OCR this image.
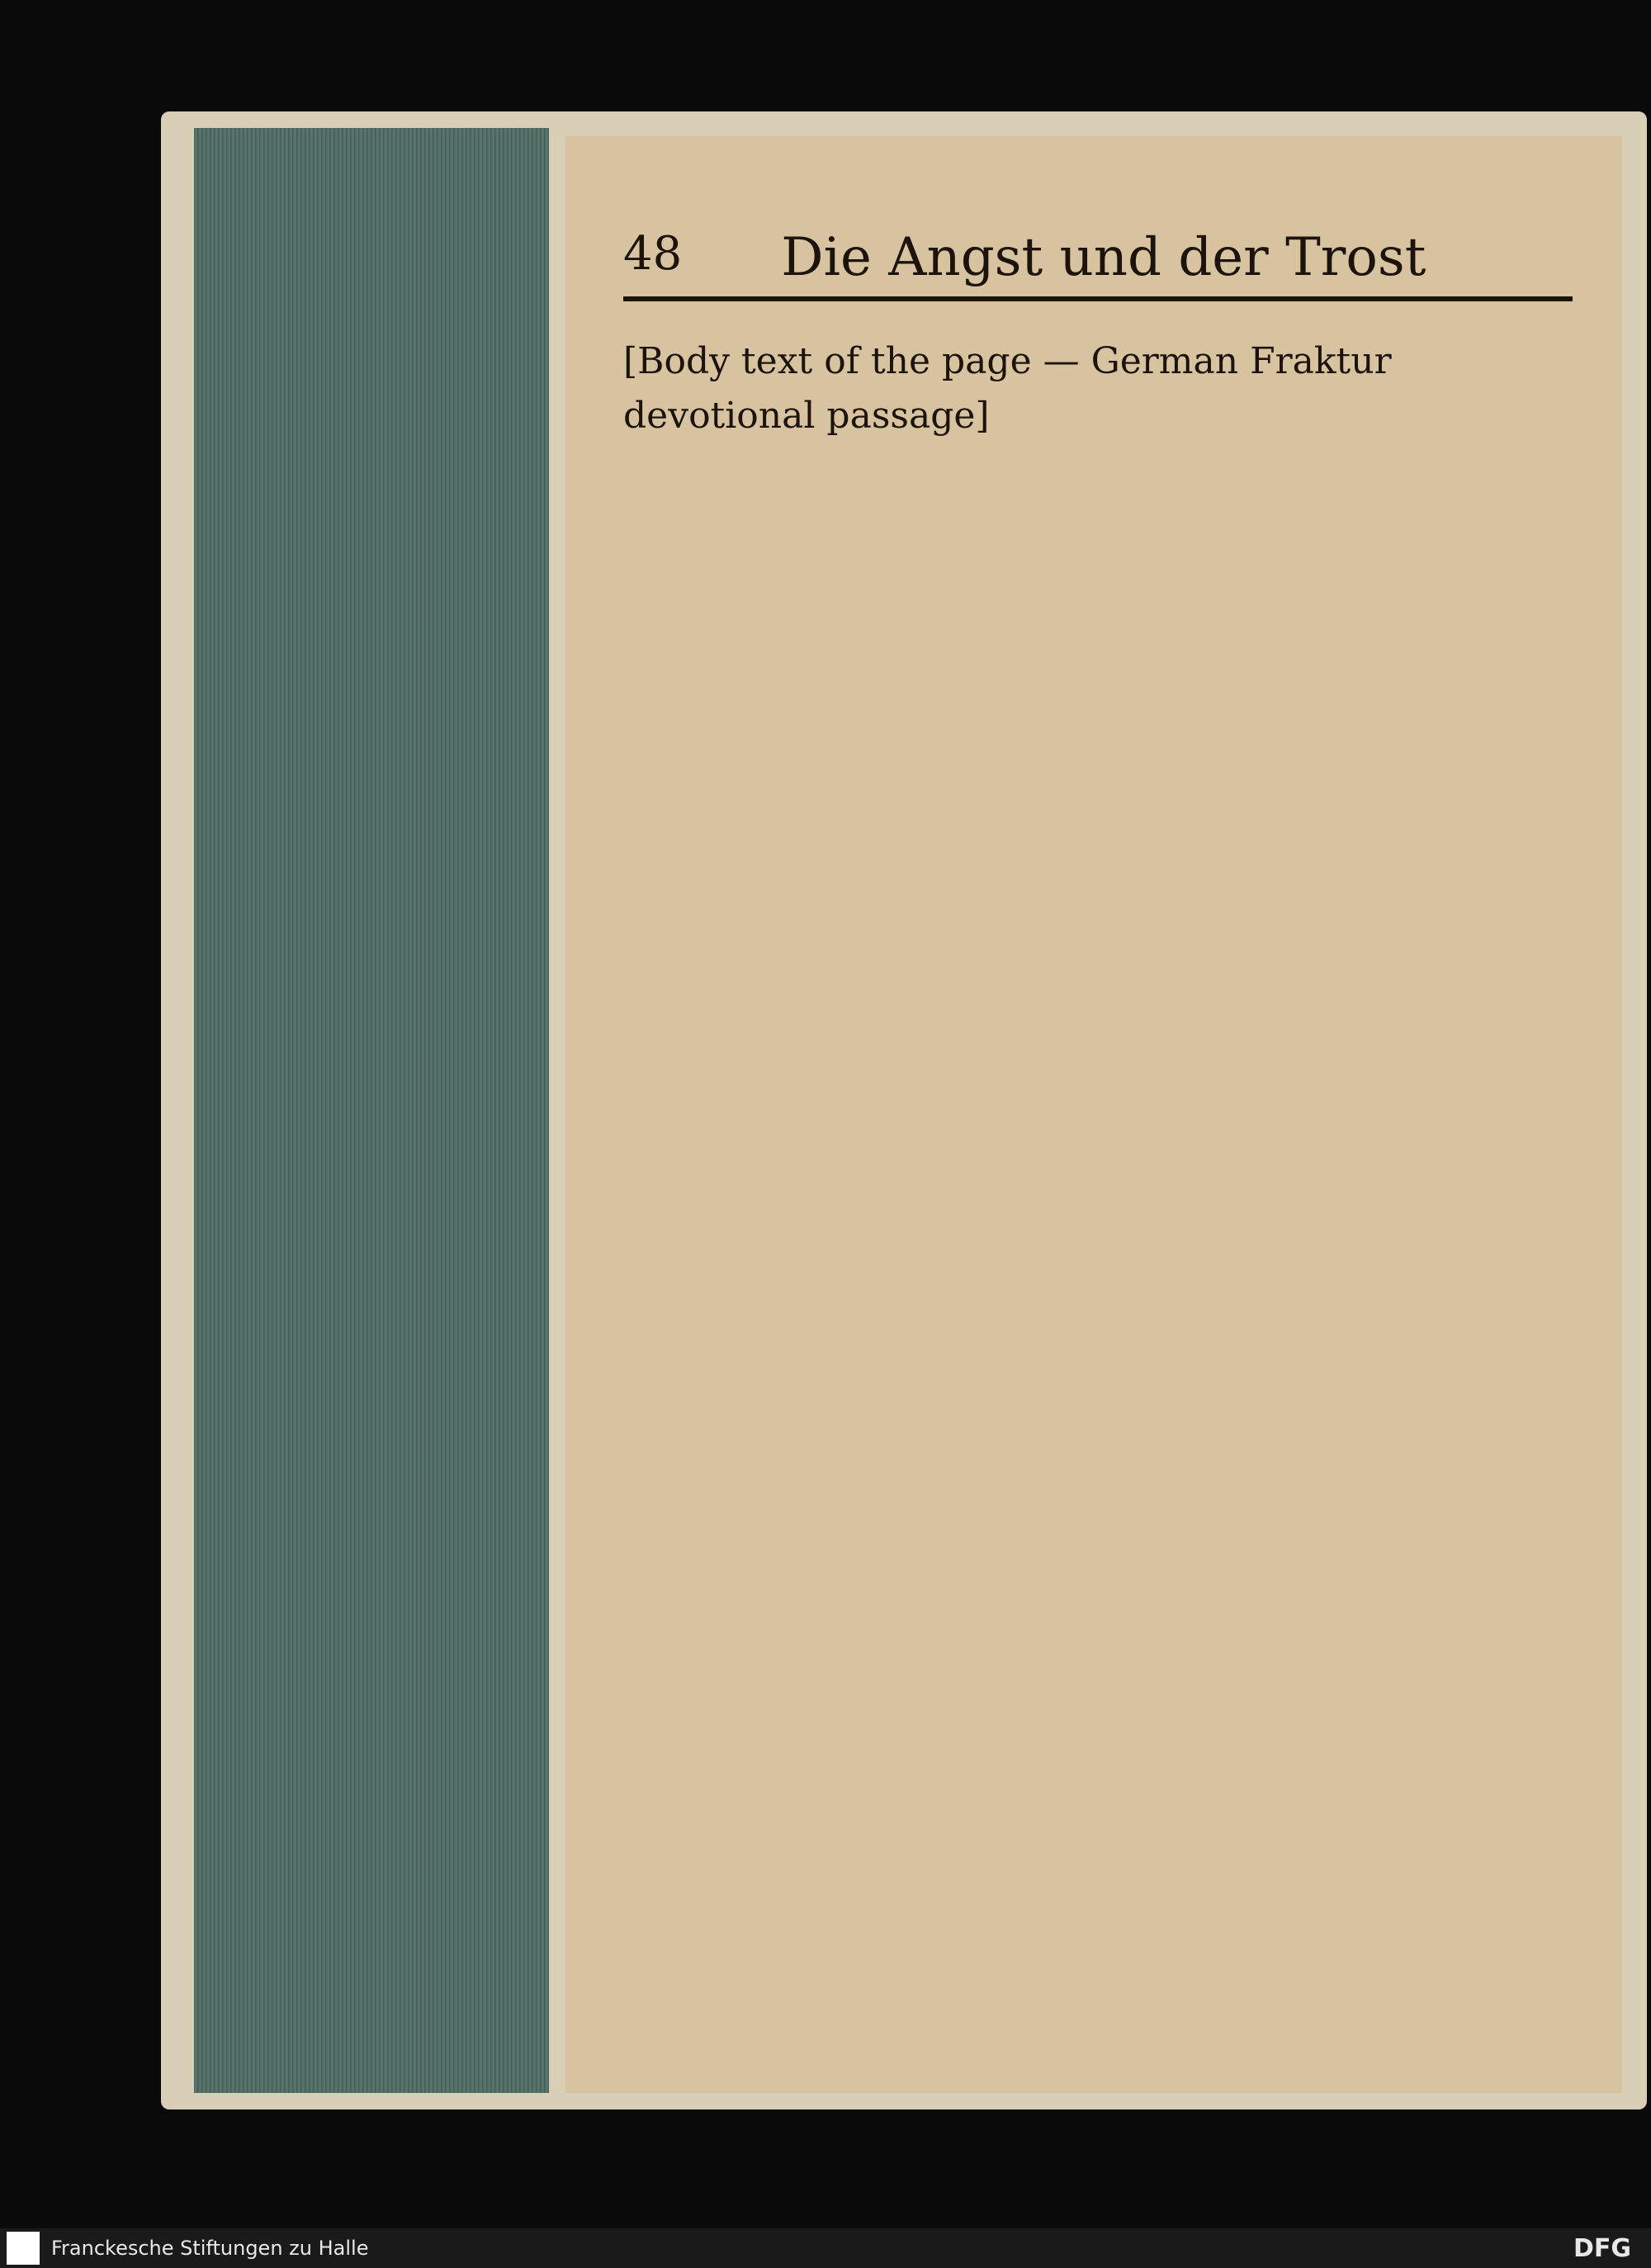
48 Die Angst und der Trost
[Body text of the page — German Fraktur devotional passage]
Franckesche Stiftungen zu Halle	DFG
